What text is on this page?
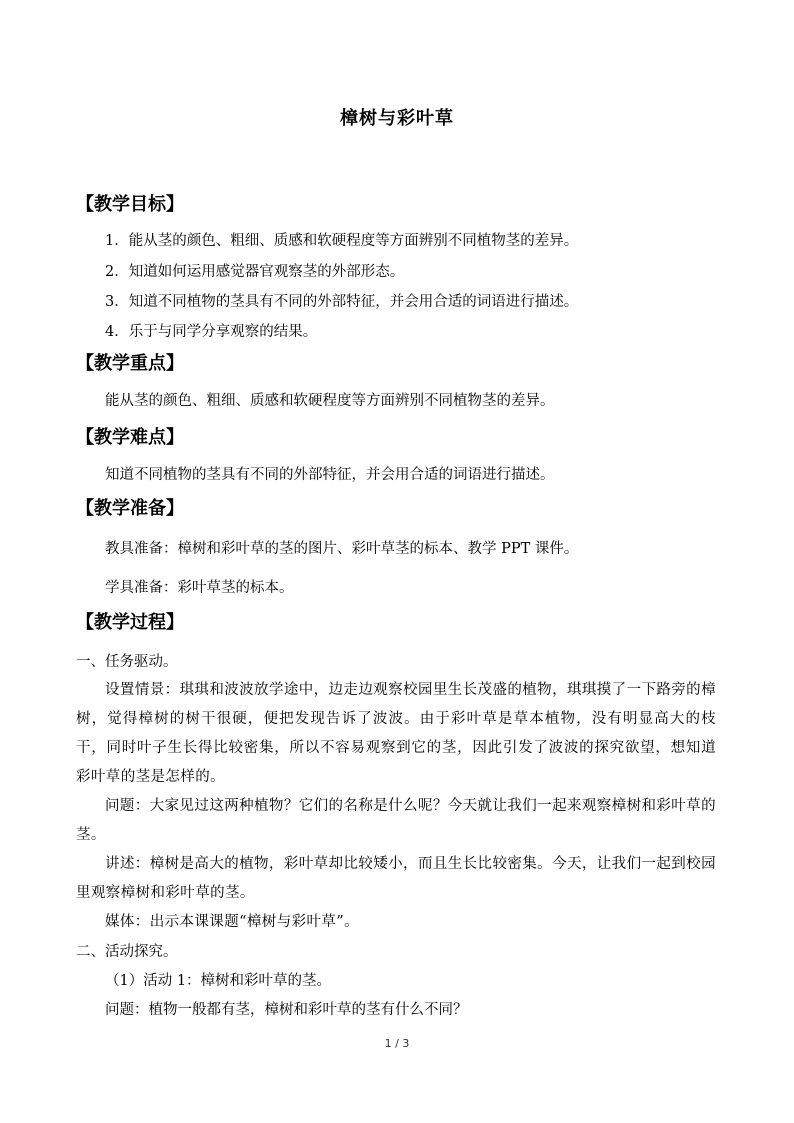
樟树与彩叶草
【教学目标】
1．能从茎的颜色、粗细、质感和软硬程度等方面辨别不同植物茎的差异。
2．知道如何运用感觉器官观察茎的外部形态。
3．知道不同植物的茎具有不同的外部特征，并会用合适的词语进行描述。
4．乐于与同学分享观察的结果。
【教学重点】
能从茎的颜色、粗细、质感和软硬程度等方面辨别不同植物茎的差异。
【教学难点】
知道不同植物的茎具有不同的外部特征，并会用合适的词语进行描述。
【教学准备】
教具准备：樟树和彩叶草的茎的图片、彩叶草茎的标本、教学 PPT 课件。
学具准备：彩叶草茎的标本。
【教学过程】
一、任务驱动。
设置情景：琪琪和波波放学途中，边走边观察校园里生长茂盛的植物，琪琪摸了一下路旁的樟树，觉得樟树的树干很硬，便把发现告诉了波波。由于彩叶草是草本植物，没有明显高大的枝干，同时叶子生长得比较密集，所以不容易观察到它的茎，因此引发了波波的探究欲望，想知道彩叶草的茎是怎样的。
问题：大家见过这两种植物？它们的名称是什么呢？今天就让我们一起来观察樟树和彩叶草的茎。
讲述：樟树是高大的植物，彩叶草却比较矮小，而且生长比较密集。今天，让我们一起到校园里观察樟树和彩叶草的茎。
媒体：出示本课课题“樟树与彩叶草”。
二、活动探究。
（1）活动 1：樟树和彩叶草的茎。
问题：植物一般都有茎，樟树和彩叶草的茎有什么不同？
1 / 3
